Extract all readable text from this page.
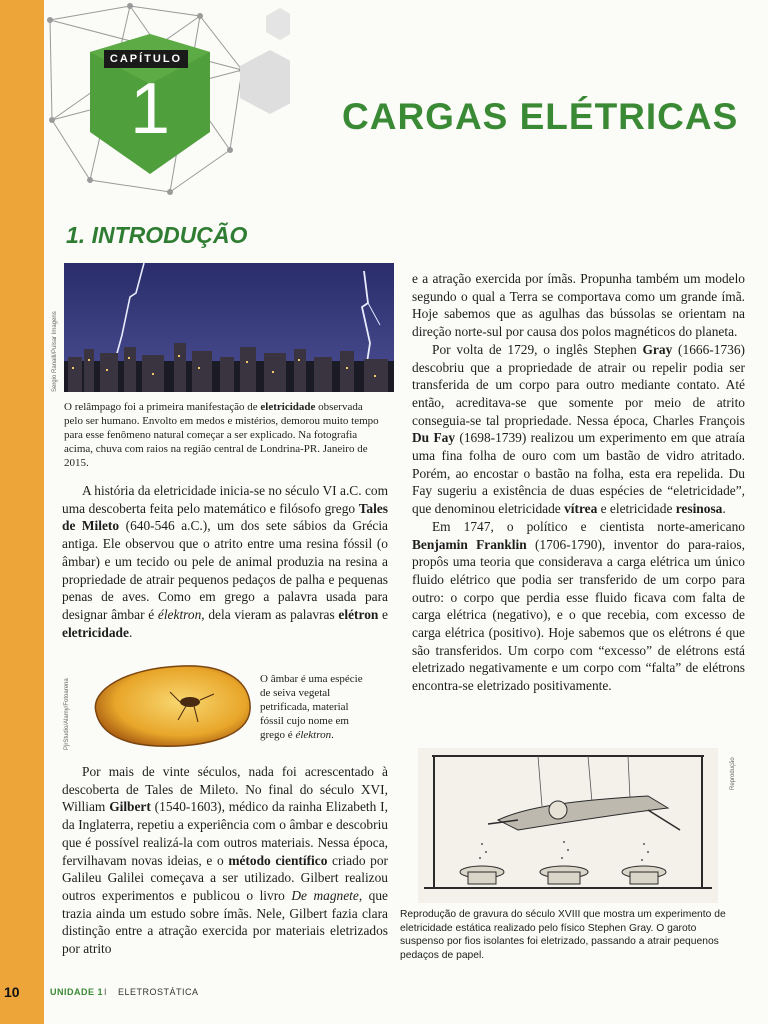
CAPÍTULO
1	CARGAS ELÉTRICAS
1. INTRODUÇÃO
Sergio Ranalli/Pulsar Imagens
O relâmpago foi a primeira manifestação de eletricidade observada pelo ser humano. Envolto em medos e mistérios, demorou muito tempo para esse fenômeno natural começar a ser explicado. Na fotografia acima, chuva com raios na região central de Londrina-PR. Janeiro de 2015.

A história da eletricidade inicia-se no século VI a.C. com uma descoberta feita pelo matemático e filósofo grego Tales de Mileto (640-546 a.C.), um dos sete sábios da Grécia antiga. Ele observou que o atrito entre uma resina fóssil (o âmbar) e um tecido ou pele de animal produzia na resina a propriedade de atrair pequenos pedaços de palha e pequenas penas de aves. Como em grego a palavra usada para designar âmbar é élektron, dela vieram as palavras elétron e eletricidade.

PjrStudio/Alamy/Fotoarena	O âmbar é uma espécie de seiva vegetal petrificada, material fóssil cujo nome em grego é élektron.

Por mais de vinte séculos, nada foi acrescentado à descoberta de Tales de Mileto. No final do século XVI, William Gilbert (1540-1603), médico da rainha Elizabeth I, da Inglaterra, repetiu a experiência com o âmbar e descobriu que é possível realizá-la com outros materiais. Nessa época, fervilhavam novas ideias, e o método científico criado por Galileu Galilei começava a ser utilizado. Gilbert realizou outros experimentos e publicou o livro De magnete, que trazia ainda um estudo sobre ímãs. Nele, Gilbert fazia clara distinção entre a atração exercida por materiais eletrizados por atrito

e a atração exercida por ímãs. Propunha também um modelo segundo o qual a Terra se comportava como um grande ímã. Hoje sabemos que as agulhas das bússolas se orientam na direção norte-sul por causa dos polos magnéticos do planeta.

Por volta de 1729, o inglês Stephen Gray (1666-1736) descobriu que a propriedade de atrair ou repelir podia ser transferida de um corpo para outro mediante contato. Até então, acreditava-se que somente por meio de atrito conseguia-se tal propriedade. Nessa época, Charles François Du Fay (1698-1739) realizou um experimento em que atraía uma fina folha de ouro com um bastão de vidro atritado. Porém, ao encostar o bastão na folha, esta era repelida. Du Fay sugeriu a existência de duas espécies de “eletricidade”, que denominou eletricidade vítrea e eletricidade resinosa.

Em 1747, o político e cientista norte-americano Benjamin Franklin (1706-1790), inventor do para-raios, propôs uma teoria que considerava a carga elétrica um único fluido elétrico que podia ser transferido de um corpo para outro: o corpo que perdia esse fluido ficava com falta de carga elétrica (negativo), e o que recebia, com excesso de carga elétrica (positivo). Hoje sabemos que os elétrons é que são transferidos. Um corpo com “excesso” de elétrons está eletrizado negativamente e um corpo com “falta” de elétrons encontra-se eletrizado positivamente.

Reprodução
Reprodução de gravura do século XVIII que mostra um experimento de eletricidade estática realizado pelo físico Stephen Gray. O garoto suspenso por fios isolantes foi eletrizado, passando a atrair pequenos pedaços de papel.
10	UNIDADE 1 I ELETROSTÁTICA
